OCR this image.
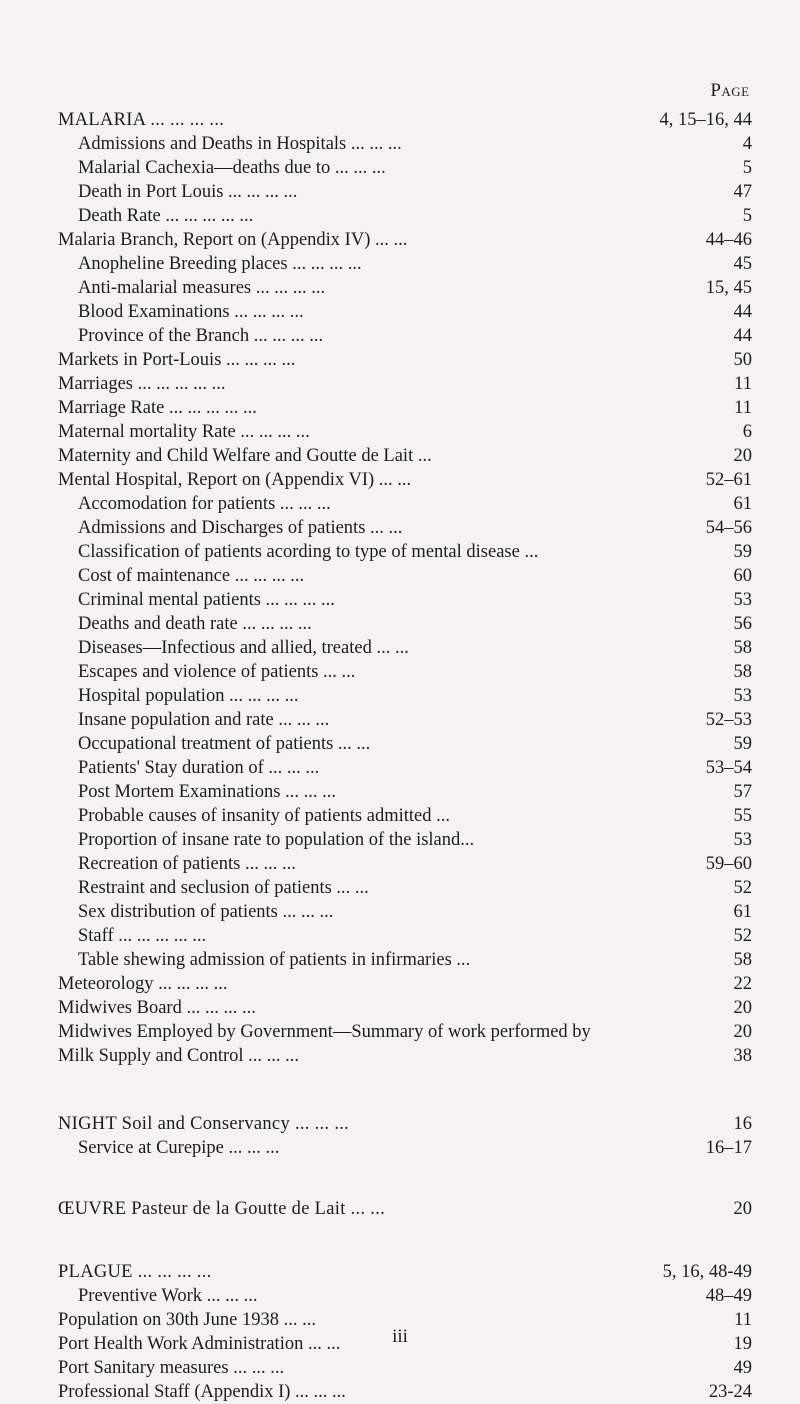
Page
MALARIA ... ... ... ...	4, 15–16, 44
Admissions and Deaths in Hospitals ... ... ...	4
Malarial Cachexia—deaths due to ... ... ...	5
Death in Port Louis ... ... ... ...	47
Death Rate ... ... ... ... ...	5
Malaria Branch, Report on (Appendix IV) ... ...	44–46
Anopheline Breeding places ... ... ... ...	45
Anti-malarial measures ... ... ... ...	15, 45
Blood Examinations ... ... ... ...	44
Province of the Branch ... ... ... ...	44
Markets in Port-Louis ... ... ... ...	50
Marriages ... ... ... ... ...	11
Marriage Rate ... ... ... ... ...	11
Maternal mortality Rate ... ... ... ...	6
Maternity and Child Welfare and Goutte de Lait ...	20
Mental Hospital, Report on (Appendix VI) ... ...	52–61
Accomodation for patients ... ... ...	61
Admissions and Discharges of patients ... ...	54–56
Classification of patients acording to type of mental disease ...	59
Cost of maintenance ... ... ... ...	60
Criminal mental patients ... ... ... ...	53
Deaths and death rate ... ... ... ...	56
Diseases—Infectious and allied, treated ... ...	58
Escapes and violence of patients ... ...	58
Hospital population ... ... ... ...	53
Insane population and rate ... ... ...	52–53
Occupational treatment of patients ... ...	59
Patients' Stay duration of ... ... ...	53–54
Post Mortem Examinations ... ... ...	57
Probable causes of insanity of patients admitted ...	55
Proportion of insane rate to population of the island...	53
Recreation of patients ... ... ...	59–60
Restraint and seclusion of patients ... ...	52
Sex distribution of patients ... ... ...	61
Staff ... ... ... ... ...	52
Table shewing admission of patients in infirmaries ...	58
Meteorology ... ... ... ...	22
Midwives Board ... ... ... ...	20
Midwives Employed by Government—Summary of work performed by	20
Milk Supply and Control ... ... ...	38
NIGHT Soil and Conservancy ... ... ...	16
Service at Curepipe ... ... ...	16–17
ŒUVRE Pasteur de la Goutte de Lait ... ...	20
PLAGUE ... ... ... ...	5, 16, 48-49
Preventive Work ... ... ...	48–49
Population on 30th June 1938 ... ...	11
Port Health Work Administration ... ...	19
Port Sanitary measures ... ... ...	49
Professional Staff (Appendix I) ... ... ...	23-24
iii
